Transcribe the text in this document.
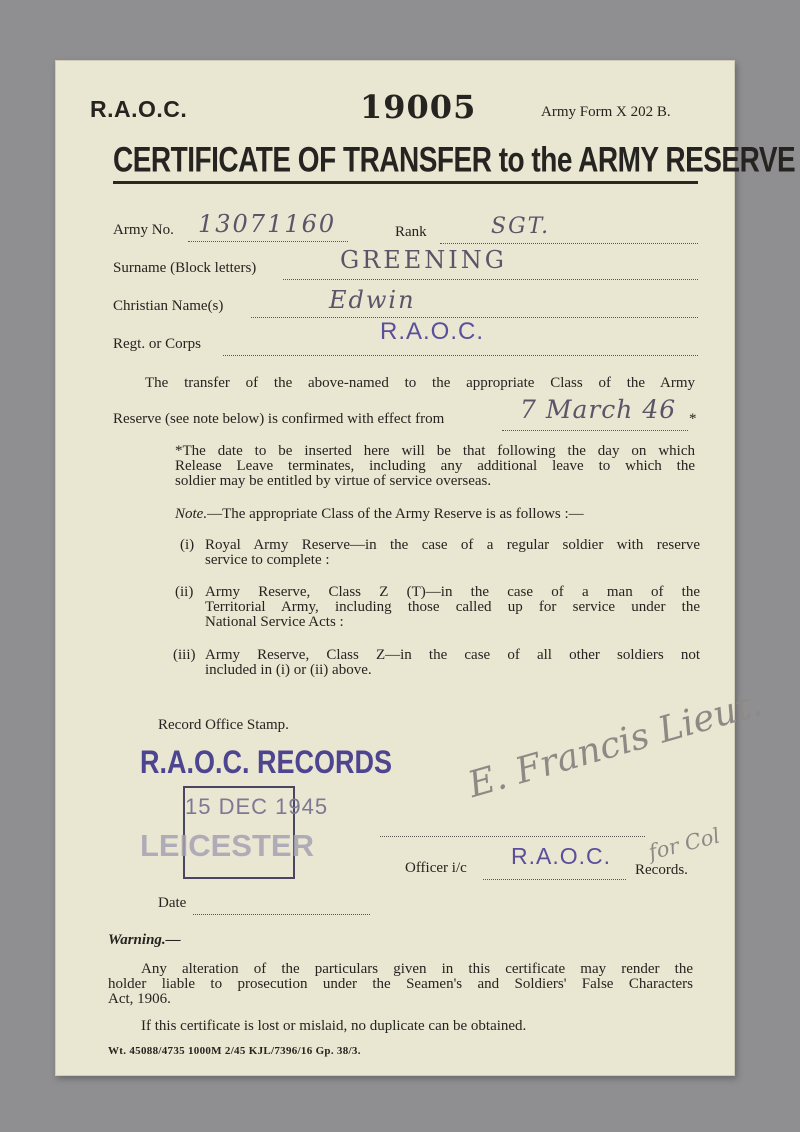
R.A.O.C.	19005	Army Form X 202 B.
CERTIFICATE OF TRANSFER to the ARMY RESERVE
Army No. 13071160	Rank	SGT.
Surname (Block letters)	GREENING
Christian Name(s)	Edwin
Regt. or Corps	R.A.O.C.
The transfer of the above-named to the appropriate Class of the Army
Reserve (see note below) is confirmed with effect from	7 March 46 *
*The date to be inserted here will be that following the day on which
Release Leave terminates, including any additional leave to which the
soldier may be entitled by virtue of service overseas.
Note.—The appropriate Class of the Army Reserve is as follows :—
(i) Royal Army Reserve—in the case of a regular soldier with reserve
service to complete :
(ii) Army Reserve, Class Z (T)—in the case of a man of the
Territorial Army, including those called up for service under the
National Service Acts :
(iii) Army Reserve, Class Z—in the case of all other soldiers not
included in (i) or (ii) above.
Record Office Stamp.
R.A.O.C. RECORDS
15 DEC 1945
LEICESTER
E. Francis Lieut.
for Col
Officer i/c R.A.O.C.
Records.
Date
Warning.—
Any alteration of the particulars given in this certificate may render the
holder liable to prosecution under the Seamen's and Soldiers' False Characters
Act, 1906.
If this certificate is lost or mislaid, no duplicate can be obtained.
Wt. 45088/4735 1000M 2/45 KJL/7396/16 Gp. 38/3.
